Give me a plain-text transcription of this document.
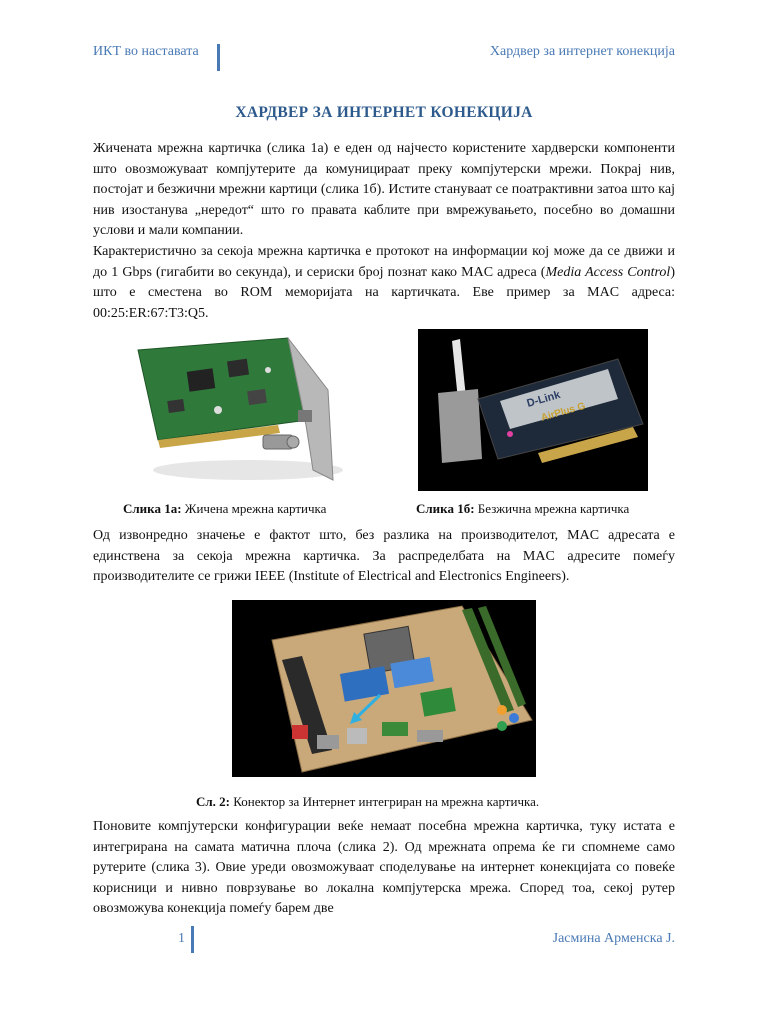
ИКТ во наставата	Хардвер за интернет конекција
ХАРДВЕР ЗА ИНТЕРНЕТ КОНЕКЦИЈА

Жичената мрежна картичка (слика 1а) е еден од најчесто користените хардверски компоненти што овозможуваат компјутерите да комуницираат преку компјутерски мрежи. Покрај нив, постојат и безжични мрежни картици (слика 1б). Истите стануваат се поатрактивни затоа што кај нив изостанува „нередот“ што го правата каблите при вмрежувањето, посебно во домашни услови и мали компании.

Карактеристично за секоја мрежна картичка е протокот на информации кој може да се движи и до 1 Gbps (гигабити во секунда), и сериски број познат како MAC адреса (Media Access Control) што е сместена во ROM меморијата на картичката. Еве пример за MAC адреса: 00:25:ER:67:T3:Q5.

D-Link
AirPlus G
Слика 1а: Жичена мрежна картичка	Слика 1б: Безжична мрежна картичка

Од извонредно значење е фактот што, без разлика на производителот, MAC адресата е единствена за секоја мрежна картичка. За распределбата на MAC адресите помеѓу производителите се грижи IEEE (Institute of Electrical and Electronics Engineers).

Сл. 2: Конектор за Интернет интегриран на мрежна картичка.

Поновите компјутерски конфигурации веќе немаат посебна мрежна картичка, туку истата е интегрирана на самата матична плоча (слика 2). Од мрежната опрема ќе ги спомнеме само рутерите (слика 3). Овие уреди овозможуваат споделување на интернет конекцијата со повеќе корисници и нивно поврзување во локална компјутерска мрежа. Според тоа, секој рутер овозможува конекција помеѓу барем две

1	Јасмина Арменска Ј.
